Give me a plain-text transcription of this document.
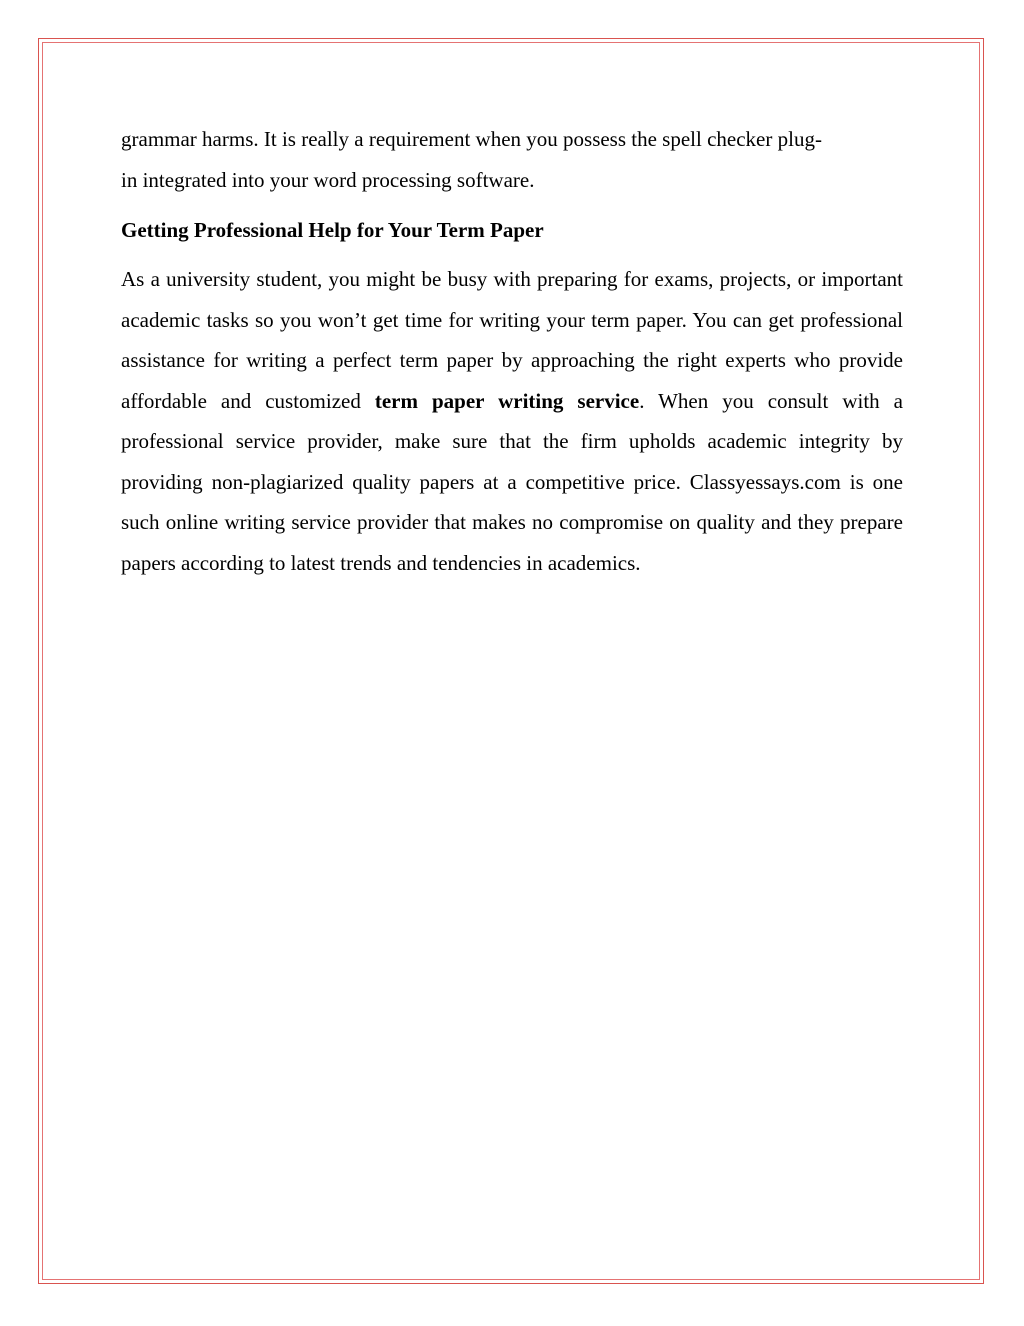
grammar harms. It is really a requirement when you possess the spell checker plug-
in integrated into your word processing software.

Getting Professional Help for Your Term Paper

As a university student, you might be busy with preparing for exams, projects, or important academic tasks so you won’t get time for writing your term paper. You can get professional assistance for writing a perfect term paper by approaching the right experts who provide affordable and customized term paper writing service. When you consult with a professional service provider, make sure that the firm upholds academic integrity by providing non-plagiarized quality papers at a competitive price. Classyessays.com is one such online writing service provider that makes no compromise on quality and they prepare papers according to latest trends and tendencies in academics.
